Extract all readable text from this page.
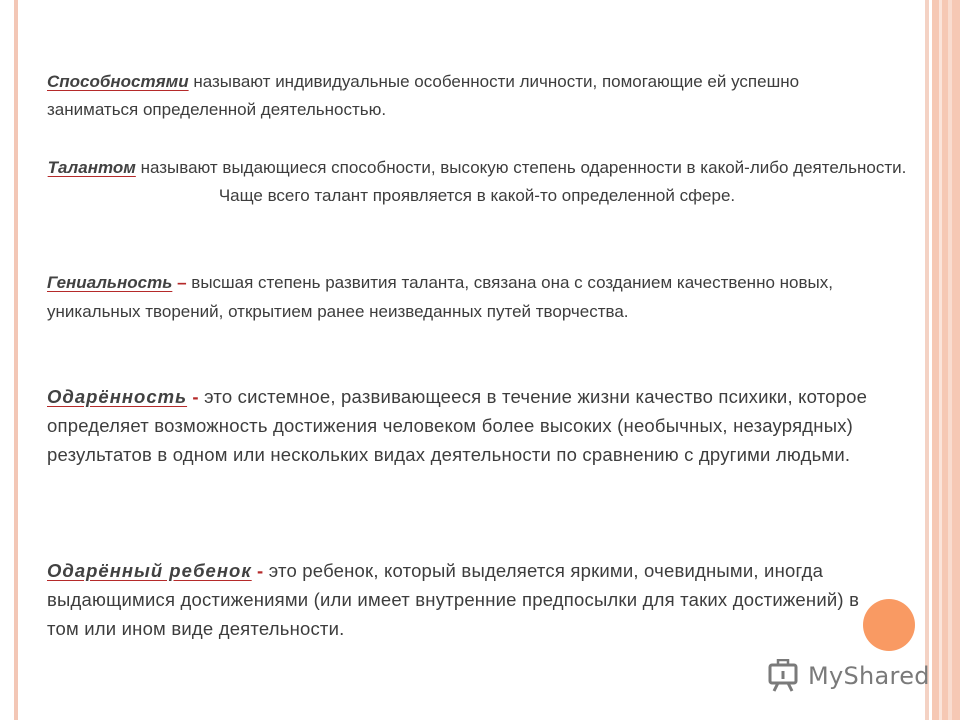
Способностями называют индивидуальные особенности личности, помогающие ей успешно заниматься определенной деятельностью.

Талантом называют выдающиеся способности, высокую степень одаренности в какой-либо деятельности. Чаще всего талант проявляется в какой-то определенной сфере.

Гениальность – высшая степень развития таланта, связана она с созданием качественно новых, уникальных творений, открытием ранее неизведанных путей творчества.

Одарённость - это системное, развивающееся в течение жизни качество психики, которое определяет возможность достижения человеком более высоких (необычных, незаурядных) результатов в одном или нескольких видах деятельности по сравнению с другими людьми.

Одарённый ребенок - это ребенок, который выделяется яркими, очевидными, иногда выдающимися достижениями (или имеет внутренние предпосылки для таких достижений) в том или ином виде деятельности.

MyShared
